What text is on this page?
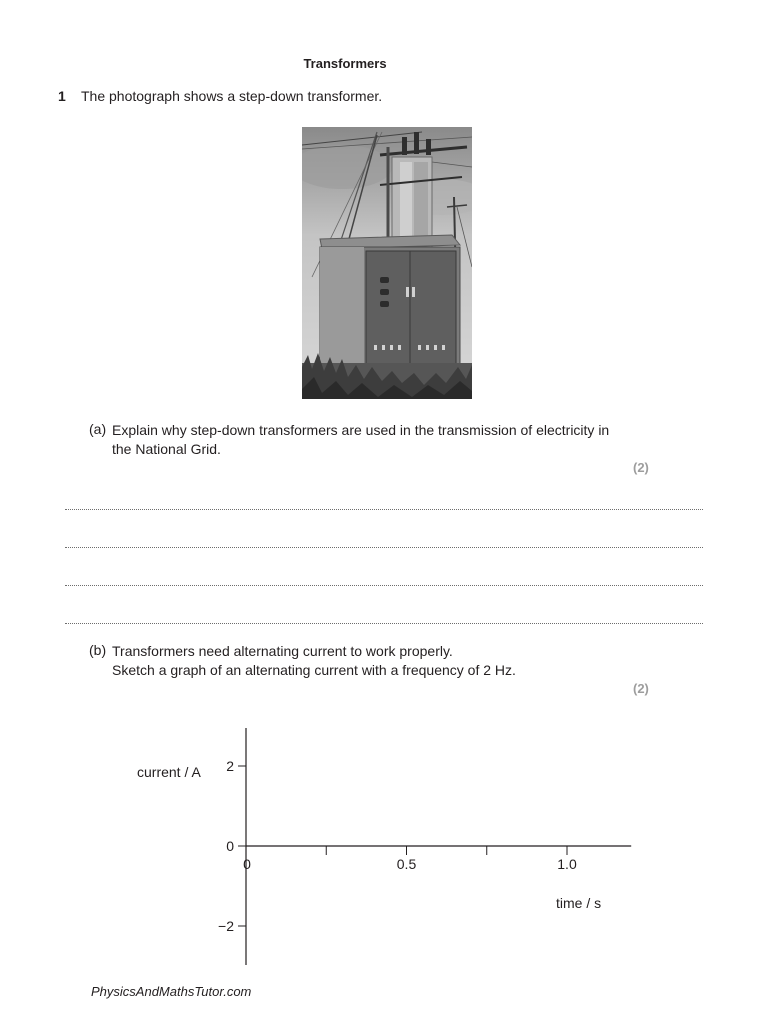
Transformers
1 The photograph shows a step-down transformer.
(a) Explain why step-down transformers are used in the transmission of electricity in the National Grid.
(2)
(b) Transformers need alternating current to work properly.
Sketch a graph of an alternating current with a frequency of 2 Hz.
(2)
0	0.5	1.0
2
0
−2
current / A
time / s
PhysicsAndMathsTutor.com
